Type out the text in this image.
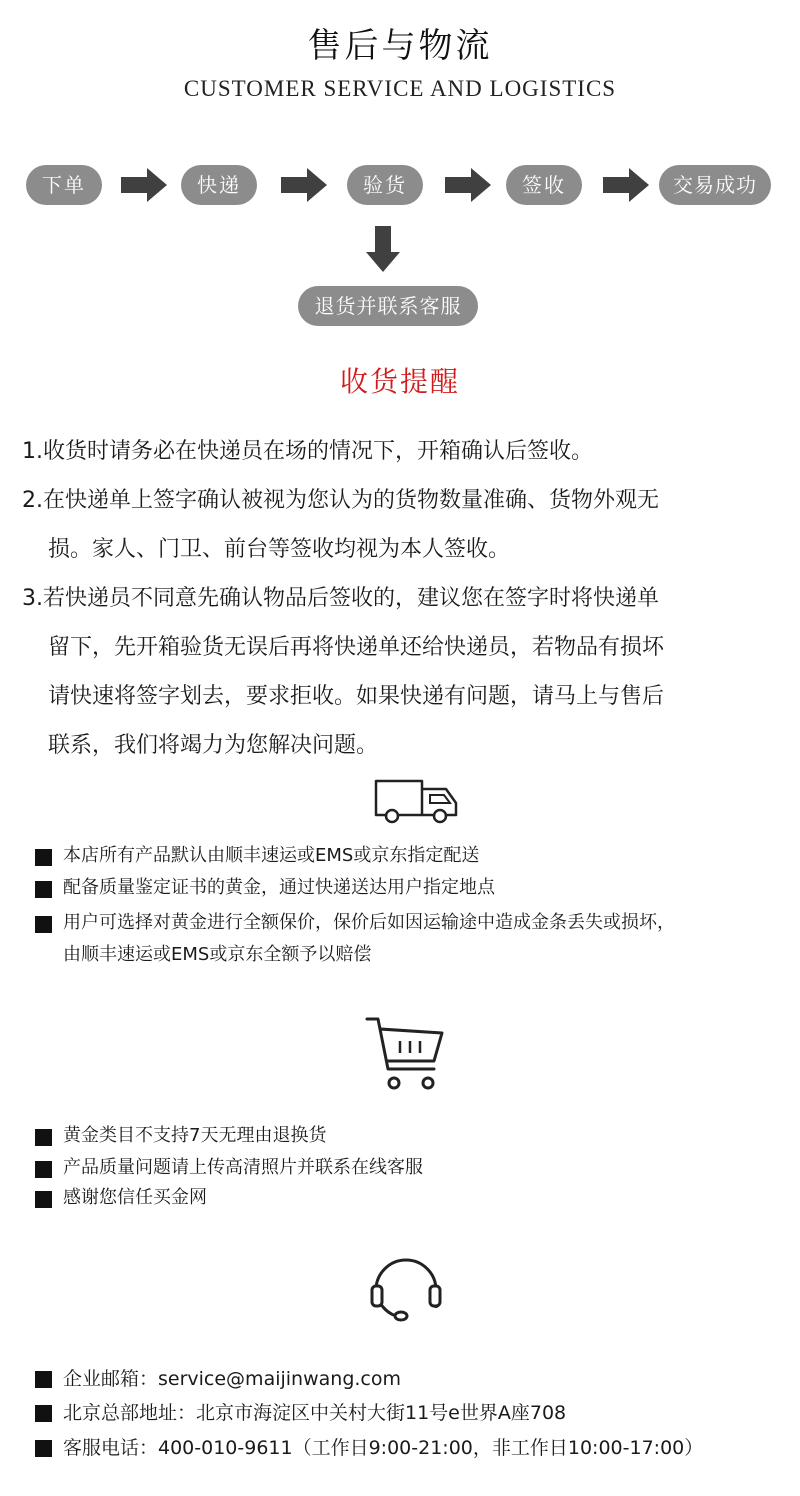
售后与物流
CUSTOMER SERVICE AND LOGISTICS
下单	快递	验货	签收	交易成功
退货并联系客服
收货提醒
1.收货时请务必在快递员在场的情况下，开箱确认后签收。
2.在快递单上签字确认被视为您认为的货物数量准确、货物外观无
损。家人、门卫、前台等签收均视为本人签收。
3.若快递员不同意先确认物品后签收的，建议您在签字时将快递单
留下，先开箱验货无误后再将快递单还给快递员，若物品有损坏
请快速将签字划去，要求拒收。如果快递有问题，请马上与售后
联系，我们将竭力为您解决问题。
本店所有产品默认由顺丰速运或EMS或京东指定配送
配备质量鉴定证书的黄金，通过快递送达用户指定地点
用户可选择对黄金进行全额保价，保价后如因运输途中造成金条丢失或损坏，
由顺丰速运或EMS或京东全额予以赔偿
黄金类目不支持7天无理由退换货
产品质量问题请上传高清照片并联系在线客服
感谢您信任买金网
企业邮箱：service@maijinwang.com
北京总部地址：北京市海淀区中关村大街11号e世界A座708
客服电话：400-010-9611（工作日9:00-21:00，非工作日10:00-17:00）
